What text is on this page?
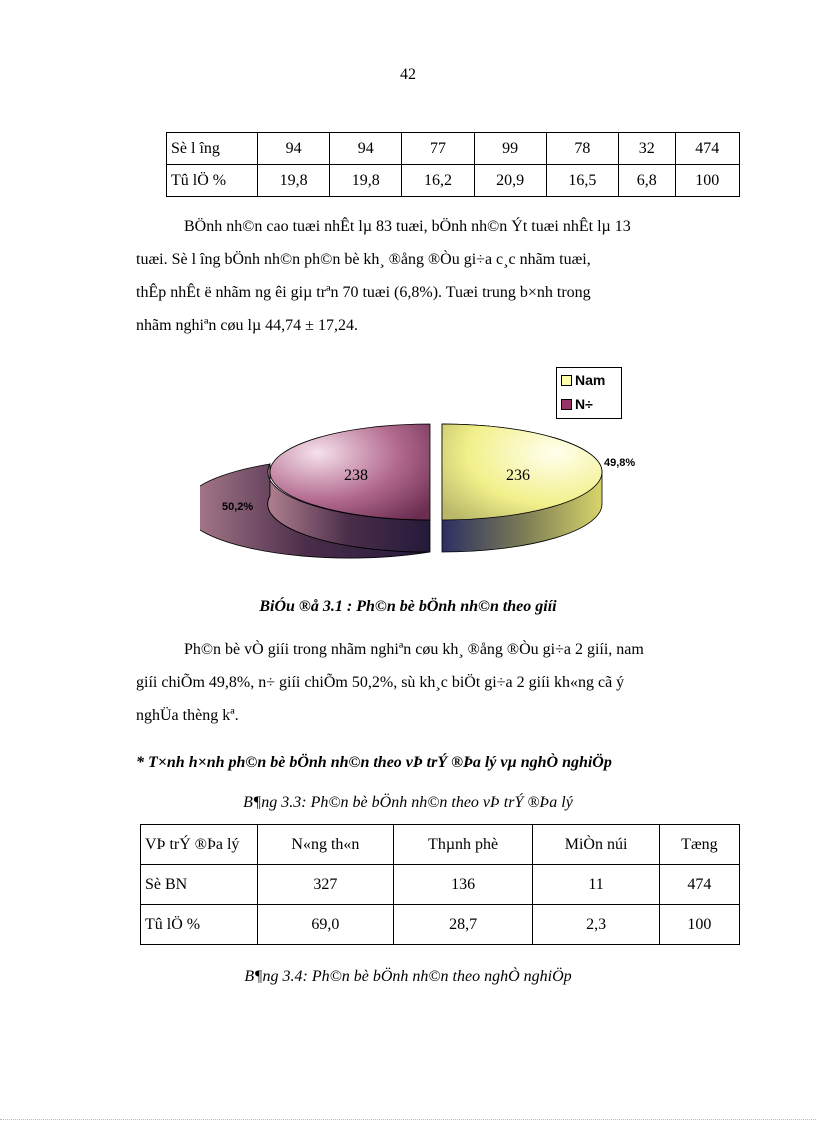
42
Sè l îng	94	94	77	99	78	32	474
Tû lÖ %	19,8	19,8	16,2	20,9	16,5	6,8	100
BÖnh nh©n cao tuæi nhÊt lµ 83 tuæi, bÖnh nh©n Ýt tuæi nhÊt lµ 13
tuæi. Sè l îng bÖnh nh©n ph©n bè kh¸ ®ång ®Òu gi÷a c¸c nhãm tuæi,
thÊp nhÊt ë nhãm ng êi giµ trªn 70 tuæi (6,8%). Tuæi trung b×nh trong
nhãm nghiªn cøu lµ 44,74 ± 17,24.
236
238
49,8%
50,2%
Nam
N÷
BiÓu ®å 3.1 : Ph©n bè bÖnh nh©n theo giíi
Ph©n bè vÒ giíi trong nhãm nghiªn cøu kh¸ ®ång ®Òu gi÷a 2 giíi, nam
giíi chiÕm 49,8%, n÷ giíi chiÕm 50,2%, sù kh¸c biÖt gi÷a 2 giíi kh«ng cã ý
nghÜa thèng kª.
* T×nh h×nh ph©n bè bÖnh nh©n theo vÞ trÝ ®Þa lý vµ nghÒ nghiÖp
B¶ng 3.3: Ph©n bè bÖnh nh©n theo vÞ trÝ ®Þa lý
VÞ trÝ ®Þa lý	N«ng th«n	Thµnh phè	MiÒn núi	Tæng
Sè BN	327	136	11	474
Tû lÖ %	69,0	28,7	2,3	100
B¶ng 3.4: Ph©n bè bÖnh nh©n theo nghÒ nghiÖp
